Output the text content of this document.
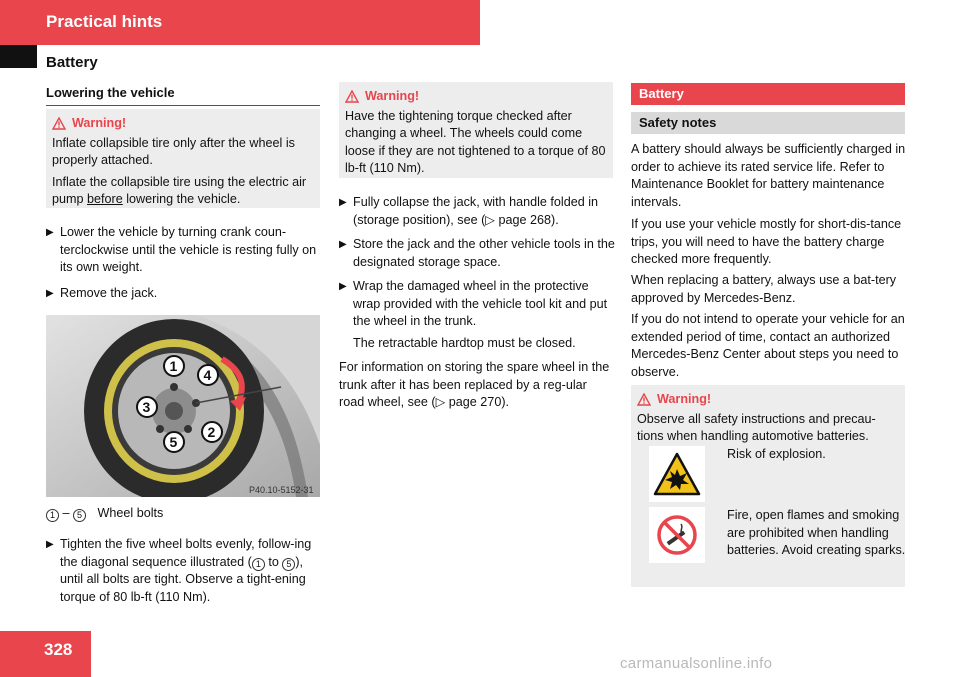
Practical hints
Battery
Lowering the vehicle
Warning!

Inflate collapsible tire only after the wheel is properly attached.

Inflate the collapsible tire using the electric air pump before lowering the vehicle.

▶ Lower the vehicle by turning crank coun-terclockwise until the vehicle is resting fully on its own weight.
▶ Remove the jack.
1
2
3
4
5
P40.10-5152-31
1 – 5 Wheel bolts
▶ Tighten the five wheel bolts evenly, follow-ing the diagonal sequence illustrated ( 1 to 5 ), until all bolts are tight. Observe a tight-ening torque of 80 lb-ft (110 Nm).
Warning!

Have the tightening torque checked after changing a wheel. The wheels could come loose if they are not tightened to a torque of 80 lb-ft (110 Nm).

▶ Fully collapse the jack, with handle folded in (storage position), see (▷ page 268).
▶ Store the jack and the other vehicle tools in the designated storage space.
▶ Wrap the damaged wheel in the protective wrap provided with the vehicle tool kit and put the wheel in the trunk.
The retractable hardtop must be closed.
For information on storing the spare wheel in the trunk after it has been replaced by a reg-ular road wheel, see (▷ page 270).
Battery
Safety notes
A battery should always be sufficiently charged in order to achieve its rated service life. Refer to Maintenance Booklet for battery maintenance intervals.
If you use your vehicle mostly for short-dis-tance trips, you will need to have the battery charge checked more frequently.
When replacing a battery, always use a bat-tery approved by Mercedes-Benz.
If you do not intend to operate your vehicle for an extended period of time, contact an authorized Mercedes-Benz Center about steps you need to observe.
Warning!

Observe all safety instructions and precau-tions when handling automotive batteries.

Risk of explosion.
Fire, open flames and smoking are prohibited when handling batteries. Avoid creating sparks.
328
carmanualsonline.info
